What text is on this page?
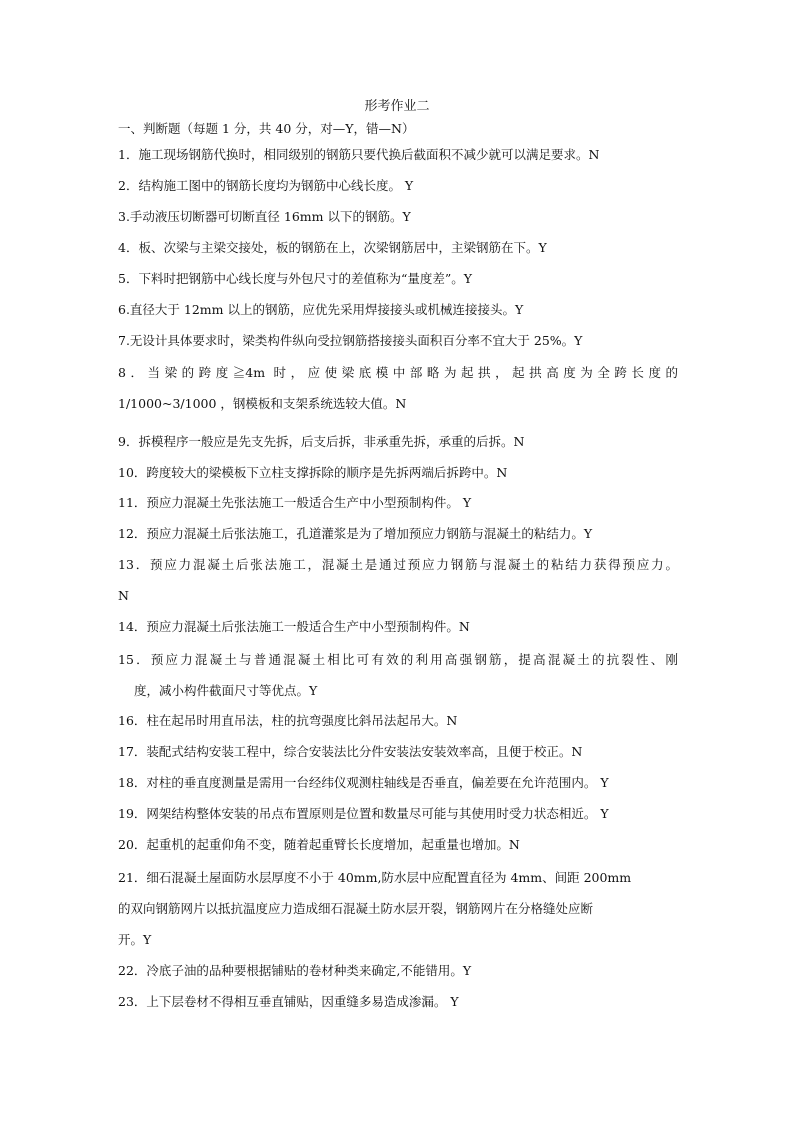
形考作业二
一、判断题（每题 1 分，共 40 分，对—Y，错—N）
1．施工现场钢筋代换时，相同级别的钢筋只要代换后截面积不减少就可以满足要求。N
2．结构施工图中的钢筋长度均为钢筋中心线长度。 Y
3.手动液压切断器可切断直径 16mm 以下的钢筋。Y
4．板、次梁与主梁交接处，板的钢筋在上，次梁钢筋居中，主梁钢筋在下。Y
5．下料时把钢筋中心线长度与外包尺寸的差值称为“量度差”。Y
6.直径大于 12mm 以上的钢筋，应优先采用焊接接头或机械连接接头。Y
7.无设计具体要求时，梁类构件纵向受拉钢筋搭接接头面积百分率不宜大于 25%。Y
8．当梁的跨度≧4m 时，应使梁底模中部略为起拱，起拱高度为全跨长度的
1/1000~3/1000 ，钢模板和支架系统选较大值。N
9．拆模程序一般应是先支先拆，后支后拆，非承重先拆，承重的后拆。N
10．跨度较大的梁模板下立柱支撑拆除的顺序是先拆两端后拆跨中。N
11．预应力混凝土先张法施工一般适合生产中小型预制构件。 Y
12．预应力混凝土后张法施工，孔道灌浆是为了增加预应力钢筋与混凝土的粘结力。Y
13．预应力混凝土后张法施工，混凝土是通过预应力钢筋与混凝土的粘结力获得预应力。
N
14．预应力混凝土后张法施工一般适合生产中小型预制构件。N
15．预应力混凝土与普通混凝土相比可有效的利用高强钢筋，提高混凝土的抗裂性、刚
度，减小构件截面尺寸等优点。Y
16．柱在起吊时用直吊法，柱的抗弯强度比斜吊法起吊大。N
17．装配式结构安装工程中，综合安装法比分件安装法安装效率高，且便于校正。N
18．对柱的垂直度测量是需用一台经纬仪观测柱轴线是否垂直，偏差要在允许范围内。 Y
19．网架结构整体安装的吊点布置原则是位置和数量尽可能与其使用时受力状态相近。 Y
20．起重机的起重仰角不变，随着起重臂长长度增加，起重量也增加。N
21．细石混凝土屋面防水层厚度不小于 40mm,防水层中应配置直径为 4mm、间距 200mm
的双向钢筋网片以抵抗温度应力造成细石混凝土防水层开裂，钢筋网片在分格缝处应断
开。Y
22．冷底子油的品种要根据铺贴的卷材种类来确定,不能错用。Y
23．上下层卷材不得相互垂直铺贴，因重缝多易造成渗漏。 Y
